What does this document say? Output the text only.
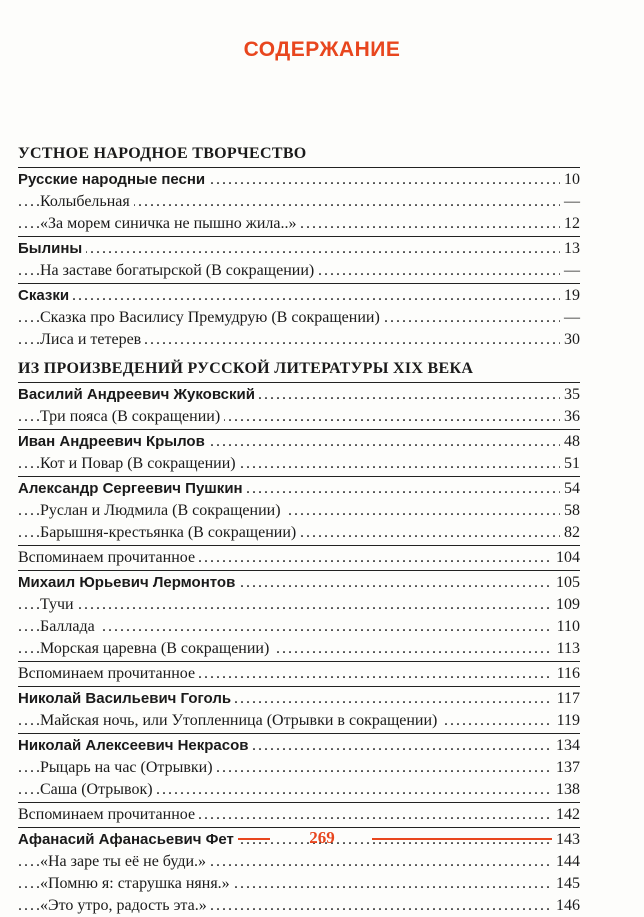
СОДЕРЖАНИЕ
УСТНОЕ НАРОДНОЕ ТВОРЧЕСТВО
. . . Русские народные песни	10
. . . Колыбельная	—
. . . «За морем синичка не пышно жила..»	12
. . . Былины	13
. . . На заставе богатырской (В сокращении)	—
. . . Сказки	19
. . . Сказка про Василису Премудрую (В сокращении)	—
. . . Лиса и тетерев	30
ИЗ ПРОИЗВЕДЕНИЙ РУССКОЙ ЛИТЕРАТУРЫ XIX ВЕКА
. . . Василий Андреевич Жуковский	35
. . . Три пояса (В сокращении)	36
. . . Иван Андреевич Крылов	48
. . . Кот и Повар (В сокращении)	51
. . . Александр Сергеевич Пушкин	54
. . . Руслан и Людмила (В сокращении)	58
. . . Барышня-крестьянка (В сокращении)	82
. . . Вспоминаем прочитанное	104
. . . Михаил Юрьевич Лермонтов	105
. . . Тучи	109
. . . Баллада	110
. . . Морская царевна (В сокращении)	113
. . . Вспоминаем прочитанное	116
. . . Николай Васильевич Гоголь	117
. . . Майская ночь, или Утопленница (Отрывки в сокращении)	119
. . . Николай Алексеевич Некрасов	134
. . . Рыцарь на час (Отрывки)	137
. . . Саша (Отрывок)	138
. . . Вспоминаем прочитанное	142
. . . Афанасий Афанасьевич Фет	143
. . . «На заре ты её не буди.»	144
. . . «Помню я: старушка няня.»	145
. . . «Это утро, радость эта.»	146
269
